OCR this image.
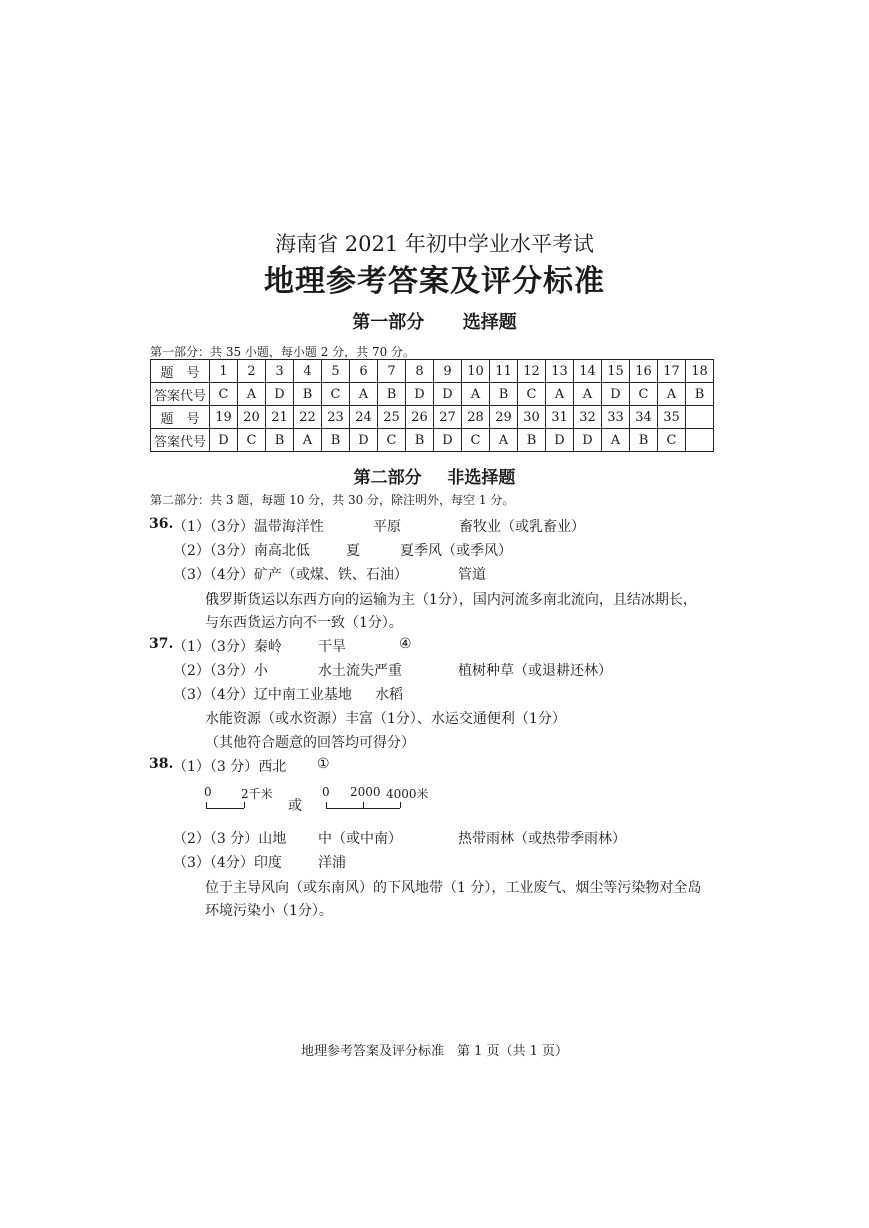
海南省 2021 年初中学业水平考试
地理参考答案及评分标准
第一部分 选择题
第一部分：共 35 小题，每小题 2 分，共 70 分。
题　号	1	2	3	4	5	6	7	8	9	10	11	12	13	14	15	16	17	18
答案代号	C	A	D	B	C	A	B	D	D	A	B	C	A	A	D	C	A	B
题　号	19	20	21	22	23	24	25	26	27	28	29	30	31	32	33	34	35	
答案代号	D	C	B	A	B	D	C	B	D	C	A	B	D	D	A	B	C	
第二部分 非选择题
第二部分：共 3 题，每题 10 分，共 30 分，除注明外，每空 1 分。
36. （1）（3分）温带海洋性	平原	畜牧业（或乳畜业）
（2）（3分）南高北低	夏	夏季风（或季风）
（3）（4分）矿产（或煤、铁、石油）	管道
俄罗斯货运以东西方向的运输为主（1分），国内河流多南北流向，且结冰期长，
与东西货运方向不一致（1分）。
37. （1）（3分）秦岭	干旱	④
（2）（3分）小	水土流失严重	植树种草（或退耕还林）
（3）（4分）辽中南工业基地 水稻
水能资源（或水资源）丰富（1分）、水运交通便利（1分）
（其他符合题意的回答均可得分）
38. （1）（3 分）西北 ①
0 2千米
或
0 2000 4000米
（2）（3 分）山地 中（或中南）	热带雨林（或热带季雨林）
（3）（4分）印度	洋浦
位于主导风向（或东南风）的下风地带（1 分），工业废气、烟尘等污染物对全岛
环境污染小（1分）。
地理参考答案及评分标准　第 1 页（共 1 页）
